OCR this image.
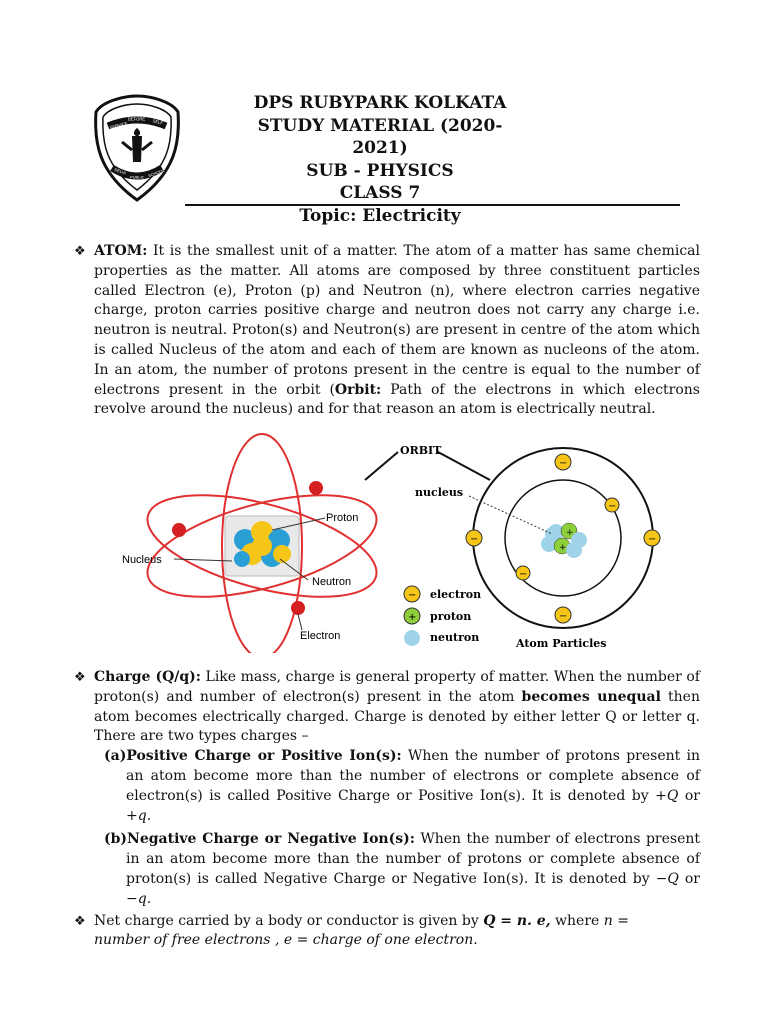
SERVICE
BEFORE SELF
DELHI
PUBLIC SCHOOL
DPS RUBYPARK KOLKATA
STUDY MATERIAL (2020-2021)
SUB - PHYSICS
CLASS 7
Topic: Electricity
❖ ATOM: It is the smallest unit of a matter. The atom of a matter has same chemical properties as the matter. All atoms are composed by three constituent particles called Electron (e), Proton (p) and Neutron (n), where electron carries negative charge, proton carries positive charge and neutron does not carry any charge i.e. neutron is neutral. Proton(s) and Neutron(s) are present in centre of the atom which is called Nucleus of the atom and each of them are known as nucleons of the atom. In an atom, the number of protons present in the centre is equal to the number of electrons present in the orbit (Orbit: Path of the electrons in which electrons revolve around the nucleus) and for that reason an atom is electrically neutral.
Proton
Nucleus
Neutron
Electron
+
+
−
−
−	−
−
−
ORBIT
nucleus
− electron
+ proton
neutron	Atom Particles
❖ Charge (Q/q): Like mass, charge is general property of matter. When the number of proton(s) and number of electron(s) present in the atom becomes unequal then atom becomes electrically charged. Charge is denoted by either letter Q or letter q. There are two types charges –
(a)Positive Charge or Positive Ion(s): When the number of protons present in an atom become more than the number of electrons or complete absence of electron(s) is called Positive Charge or Positive Ion(s). It is denoted by +Q or +q.
(b)Negative Charge or Negative Ion(s): When the number of electrons present in an atom become more than the number of protons or complete absence of proton(s) is called Negative Charge or Negative Ion(s). It is denoted by −Q or −q.
❖ Net charge carried by a body or conductor is given by Q = n. e, where n =
number of free electrons , e = charge of one electron.
